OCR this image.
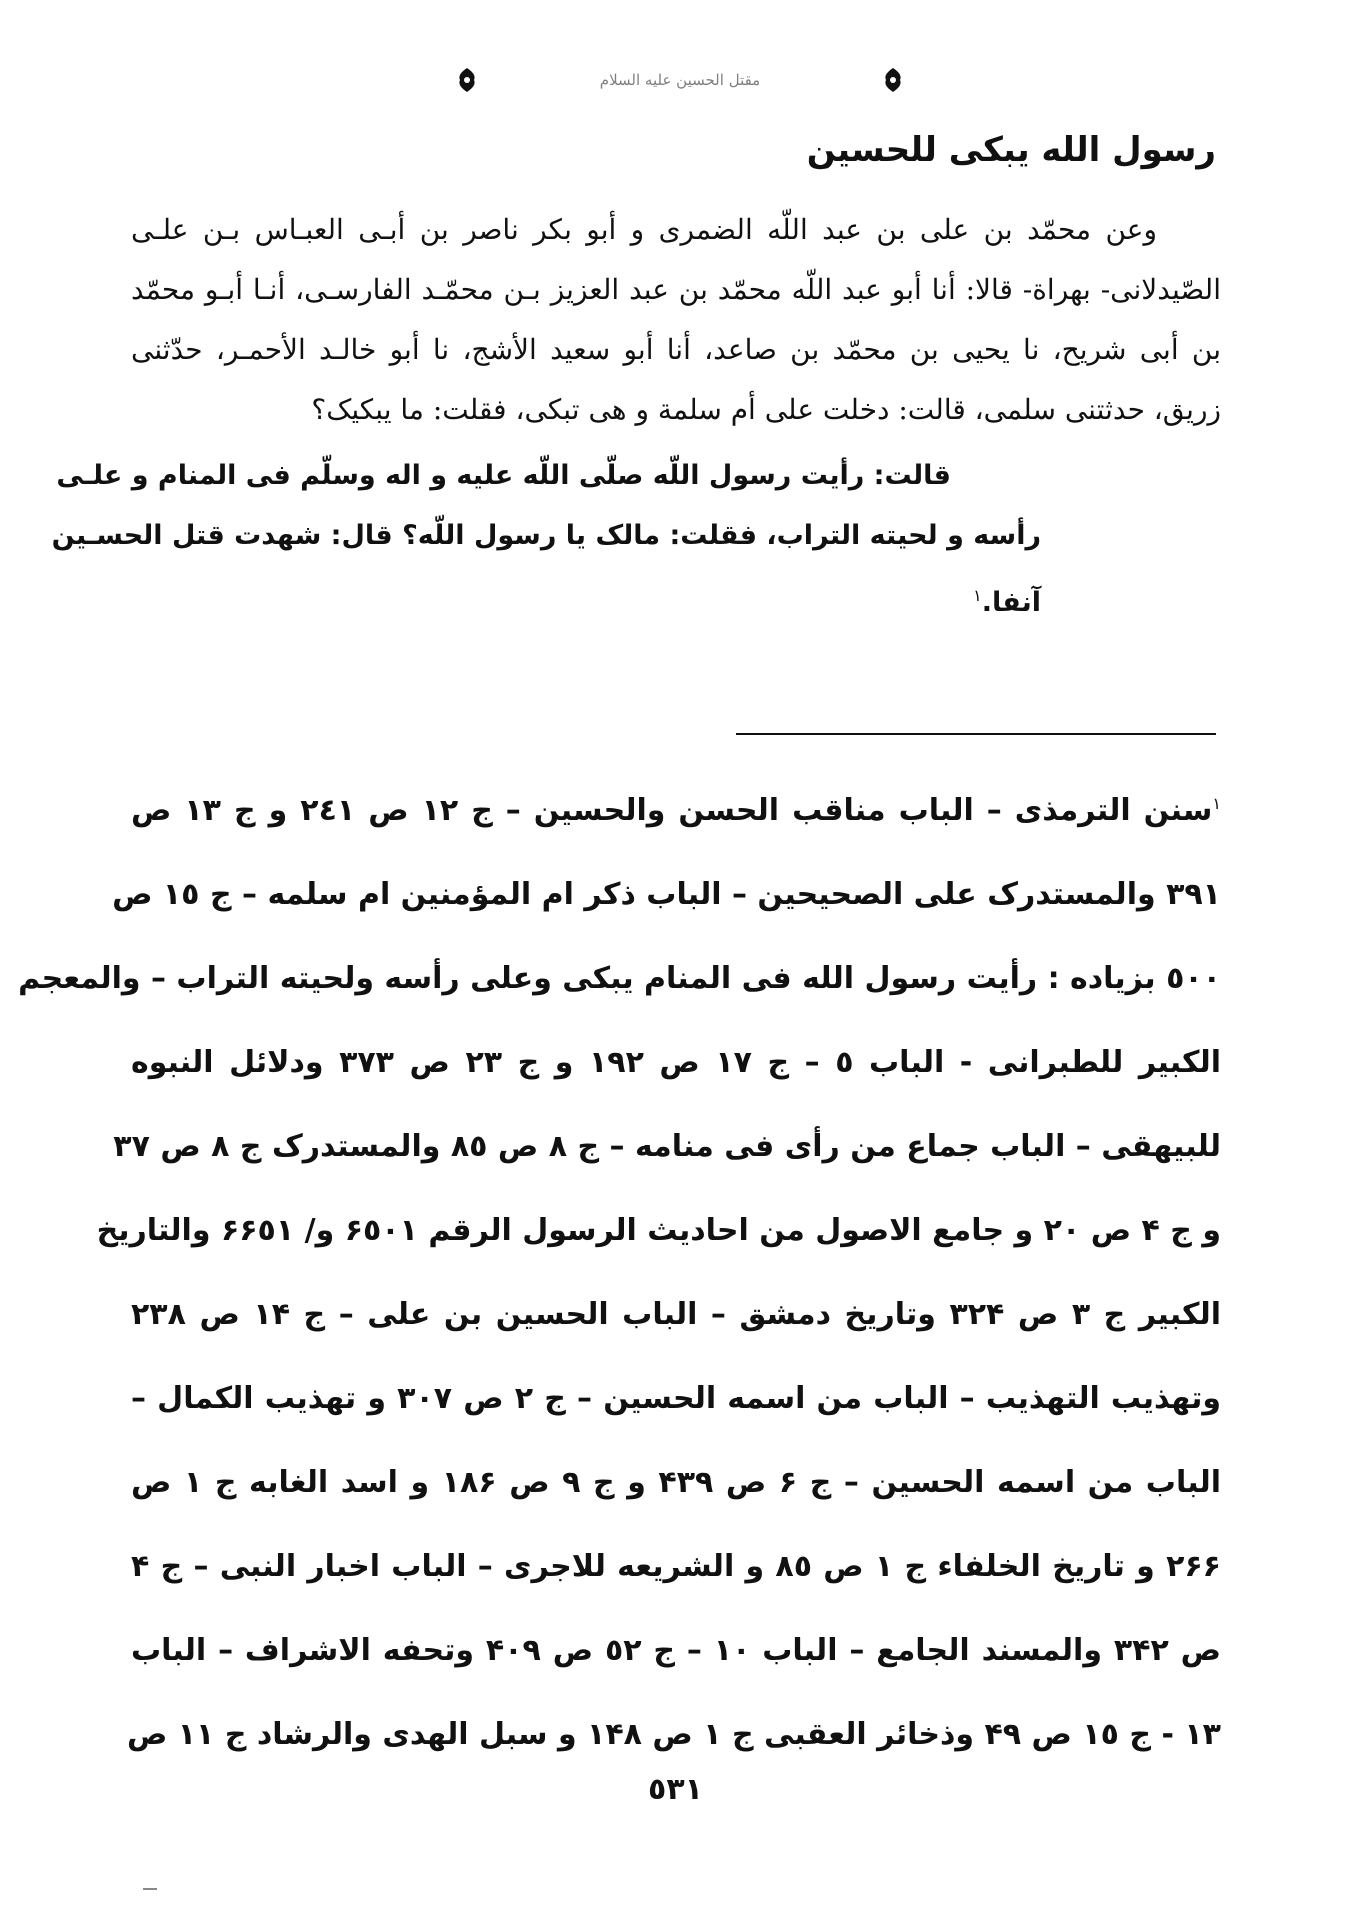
مقتل الحسين عليه السلام
رسول الله يبکی للحسين

وعن محمّد بن على بن عبد اللّه الضمرى و أبو بكر ناصر بن أبـى العبـاس بـن علـى الصّيدلانى- بهراة- قالا: أنا أبو عبد اللّه محمّد بن عبد العزيز بـن محمّـد الفارسـى، أنـا أبـو محمّد بن أبى شريح، نا يحيى بن محمّد بن صاعد، أنا أبو سعيد الأشج، نا أبو خالـد الأحمـر، حدّثنى زريق، حدثتنى سلمى، قالت: دخلت على أم سلمة و هى تبكى، فقلت: ما يبكيک؟

قالت: رأيت رسول اللّه صلّى اللّه عليه و اله وسلّم فى المنام و علـى
رأسه و لحيته التراب، فقلت: مالک يا رسول اللّه؟ قال: شهدت قتل الحسـين
آنفا.$^١$
$^١$سنن الترمذى – الباب مناقب الحسن والحسين – ج ١٢ ص ٢٤١ و ج ١٣ ص
٣٩١ والمستدرک على الصحيحين – الباب ذكر ام المؤمنين ام سلمه – ج ١٥ ص
٥٠٠ بزياده : رأيت رسول الله فى المنام يبكى وعلى رأسه ولحيته التراب – والمعجم
الكبير للطبرانى - الباب ٥ – ج ١٧ ص ١٩٢ و ج ٢٣ ص ٣٧٣ ودلائل النبوه
للبيهقى – الباب جماع من رأى فى منامه – ج ٨ ص ٨٥ والمستدرک ج ٨ ص ٣٧
و ج ۴ ص ٢٠ و جامع الاصول من احاديث الرسول الرقم ۶٥٠١ و/ ۶۶٥١ والتاريخ
الكبير ج ٣ ص ٣٢۴ وتاريخ دمشق – الباب الحسين بن على – ج ١۴ ص ٢٣٨
وتهذيب التهذيب – الباب من اسمه الحسين – ج ٢ ص ٣٠٧ و تهذيب الكمال –
الباب من اسمه الحسين – ج ۶ ص ۴٣٩ و ج ٩ ص ١٨۶ و اسد الغابه ج ١ ص
٢۶۶ و تاريخ الخلفاء ج ١ ص ٨٥ و الشريعه للاجرى – الباب اخبار النبى – ج ۴
ص ٣۴٢ والمسند الجامع – الباب ١٠ – ج ٥٢ ص ۴٠٩ وتحفه الاشراف – الباب
١٣ - ج ١٥ ص ۴٩ وذخائر العقبى ج ١ ص ١۴٨ و سبل الهدى والرشاد ج ١١ ص
٥٣١
